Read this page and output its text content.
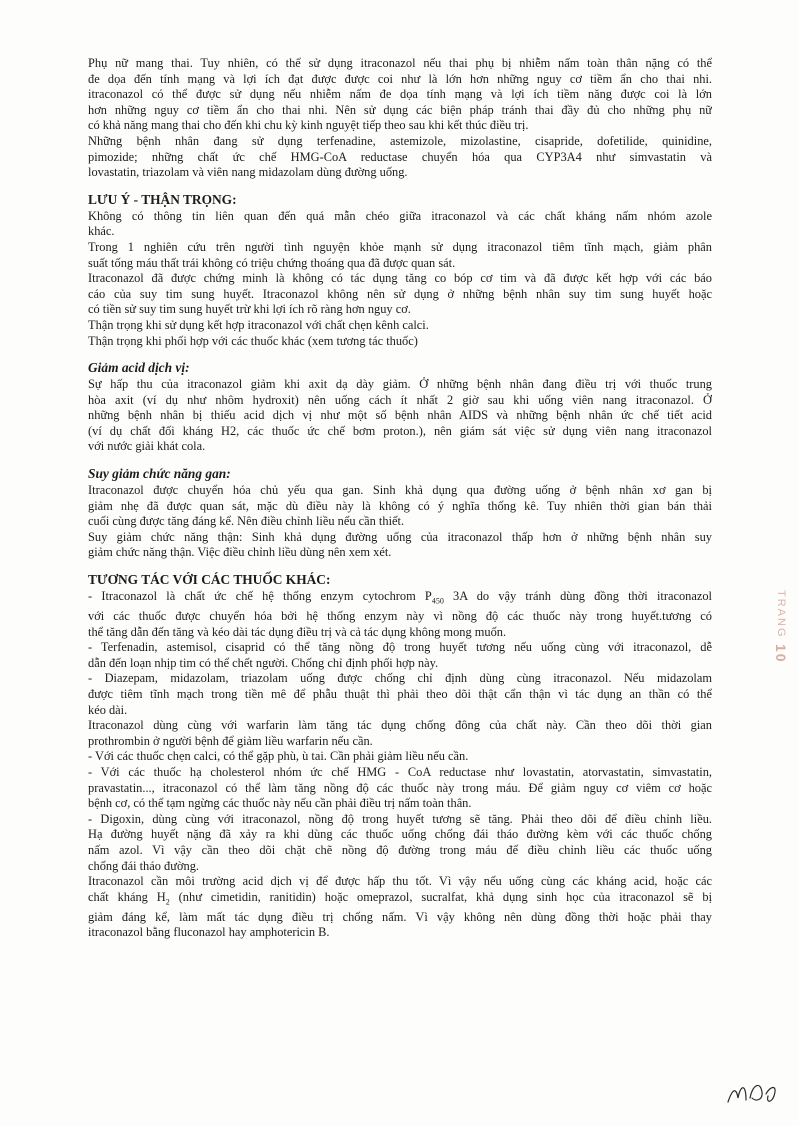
Phụ nữ mang thai. Tuy nhiên, có thể sử dụng itraconazol nếu thai phụ bị nhiễm nấm toàn thân nặng có thể
đe dọa đến tính mạng và lợi ích đạt được được coi như là lớn hơn những nguy cơ tiềm ẩn cho thai nhi.
itraconazol có thể được sử dụng nếu nhiễm nấm đe dọa tính mạng và lợi ích tiềm năng được coi là lớn
hơn những nguy cơ tiềm ẩn cho thai nhi. Nên sử dụng các biện pháp tránh thai đầy đủ cho những phụ nữ
có khả năng mang thai cho đến khi chu kỳ kinh nguyệt tiếp theo sau khi kết thúc điều trị.
Những bệnh nhân đang sử dụng terfenadine, astemizole, mizolastine, cisapride, dofetilide, quinidine,
pimozide; những chất ức chế HMG-CoA reductase chuyển hóa qua CYP3A4 như simvastatin và
lovastatin, triazolam và viên nang midazolam dùng đường uống.
LƯU Ý - THẬN TRỌNG:
Không có thông tin liên quan đến quá mẫn chéo giữa itraconazol và các chất kháng nấm nhóm azole
khác.
Trong 1 nghiên cứu trên người tình nguyện khỏe mạnh sử dụng itraconazol tiêm tĩnh mạch, giảm phân
suất tống máu thất trái không có triệu chứng thoáng qua đã được quan sát.
Itraconazol đã được chứng minh là không có tác dụng tăng co bóp cơ tim và đã được kết hợp với các báo
cáo của suy tim sung huyết. Itraconazol không nên sử dụng ở những bệnh nhân suy tim sung huyết hoặc
có tiền sử suy tim sung huyết trừ khi lợi ích rõ ràng hơn nguy cơ.
Thận trọng khi sử dụng kết hợp itraconazol với chất chẹn kênh calci.
Thận trọng khi phối hợp với các thuốc khác (xem tương tác thuốc)
Giảm acid dịch vị:
Sự hấp thu của itraconazol giảm khi axit dạ dày giảm. Ở những bệnh nhân đang điều trị với thuốc trung
hòa axit (ví dụ như nhôm hydroxit) nên uống cách ít nhất 2 giờ sau khi uống viên nang itraconazol. Ở
những bệnh nhân bị thiếu acid dịch vị như một số bệnh nhân AIDS và những bệnh nhân ức chế tiết acid
(ví dụ chất đối kháng H2, các thuốc ức chế bơm proton.), nên giám sát việc sử dụng viên nang itraconazol
với nước giải khát cola.
Suy giảm chức năng gan:
Itraconazol được chuyển hóa chủ yếu qua gan. Sinh khả dụng qua đường uống ở bệnh nhân xơ gan bị
giảm nhẹ đã được quan sát, mặc dù điều này là không có ý nghĩa thống kê. Tuy nhiên thời gian bán thải
cuối cùng được tăng đáng kể. Nên điều chỉnh liều nếu cần thiết.
Suy giảm chức năng thận: Sinh khả dụng đường uống của itraconazol thấp hơn ở những bệnh nhân suy
giảm chức năng thận. Việc điều chỉnh liều dùng nên xem xét.
TƯƠNG TÁC VỚI CÁC THUỐC KHÁC:
- Itraconazol là chất ức chế hệ thống enzym cytochrom $P_{450}$ 3A do vậy tránh dùng đồng thời itraconazol
với các thuốc được chuyển hóa bởi hệ thống enzym này vì nồng độ các thuốc này trong huyết.tương có
thể tăng dẫn đến tăng và kéo dài tác dụng điều trị và cả tác dụng không mong muốn.
- Terfenadin, astemisol, cisaprid có thể tăng nồng độ trong huyết tương nếu uống cùng với itraconazol, dễ
dẫn đến loạn nhịp tim có thể chết người. Chống chỉ định phối hợp này.
- Diazepam, midazolam, triazolam uống được chống chỉ định dùng cùng itraconazol. Nếu midazolam
được tiêm tĩnh mạch trong tiền mê để phẫu thuật thì phải theo dõi thật cẩn thận vì tác dụng an thần có thể
kéo dài.
Itraconazol dùng cùng với warfarin làm tăng tác dụng chống đông của chất này. Cần theo dõi thời gian
prothrombin ở người bệnh để giảm liều warfarin nếu cần.
- Với các thuốc chẹn calci, có thể gặp phù, ù tai. Cần phải giảm liều nếu cần.
- Với các thuốc hạ cholesterol nhóm ức chế HMG - CoA reductase như lovastatin, atorvastatin, simvastatin,
pravastatin..., itraconazol có thể làm tăng nồng độ các thuốc này trong máu. Để giảm nguy cơ viêm cơ hoặc
bệnh cơ, có thể tạm ngừng các thuốc này nếu cần phải điều trị nấm toàn thân.
- Digoxin, dùng cùng với itraconazol, nồng độ trong huyết tương sẽ tăng. Phải theo dõi để điều chỉnh liều.
Hạ đường huyết nặng đã xảy ra khi dùng các thuốc uống chống đái tháo đường kèm với các thuốc chống
nấm azol. Vì vậy cần theo dõi chặt chẽ nồng độ đường trong máu để điều chỉnh liều các thuốc uống
chống đái tháo đường.
Itraconazol cần môi trường acid dịch vị để được hấp thu tốt. Vì vậy nếu uống cùng các kháng acid, hoặc các
chất kháng $H_2$ (như cimetidin, ranitidin) hoặc omeprazol, sucralfat, khả dụng sinh học của itraconazol sẽ bị
giảm đáng kể, làm mất tác dụng điều trị chống nấm. Vì vậy không nên dùng đồng thời hoặc phải thay
itraconazol bằng fluconazol hay amphotericin B.
TRANG 10
